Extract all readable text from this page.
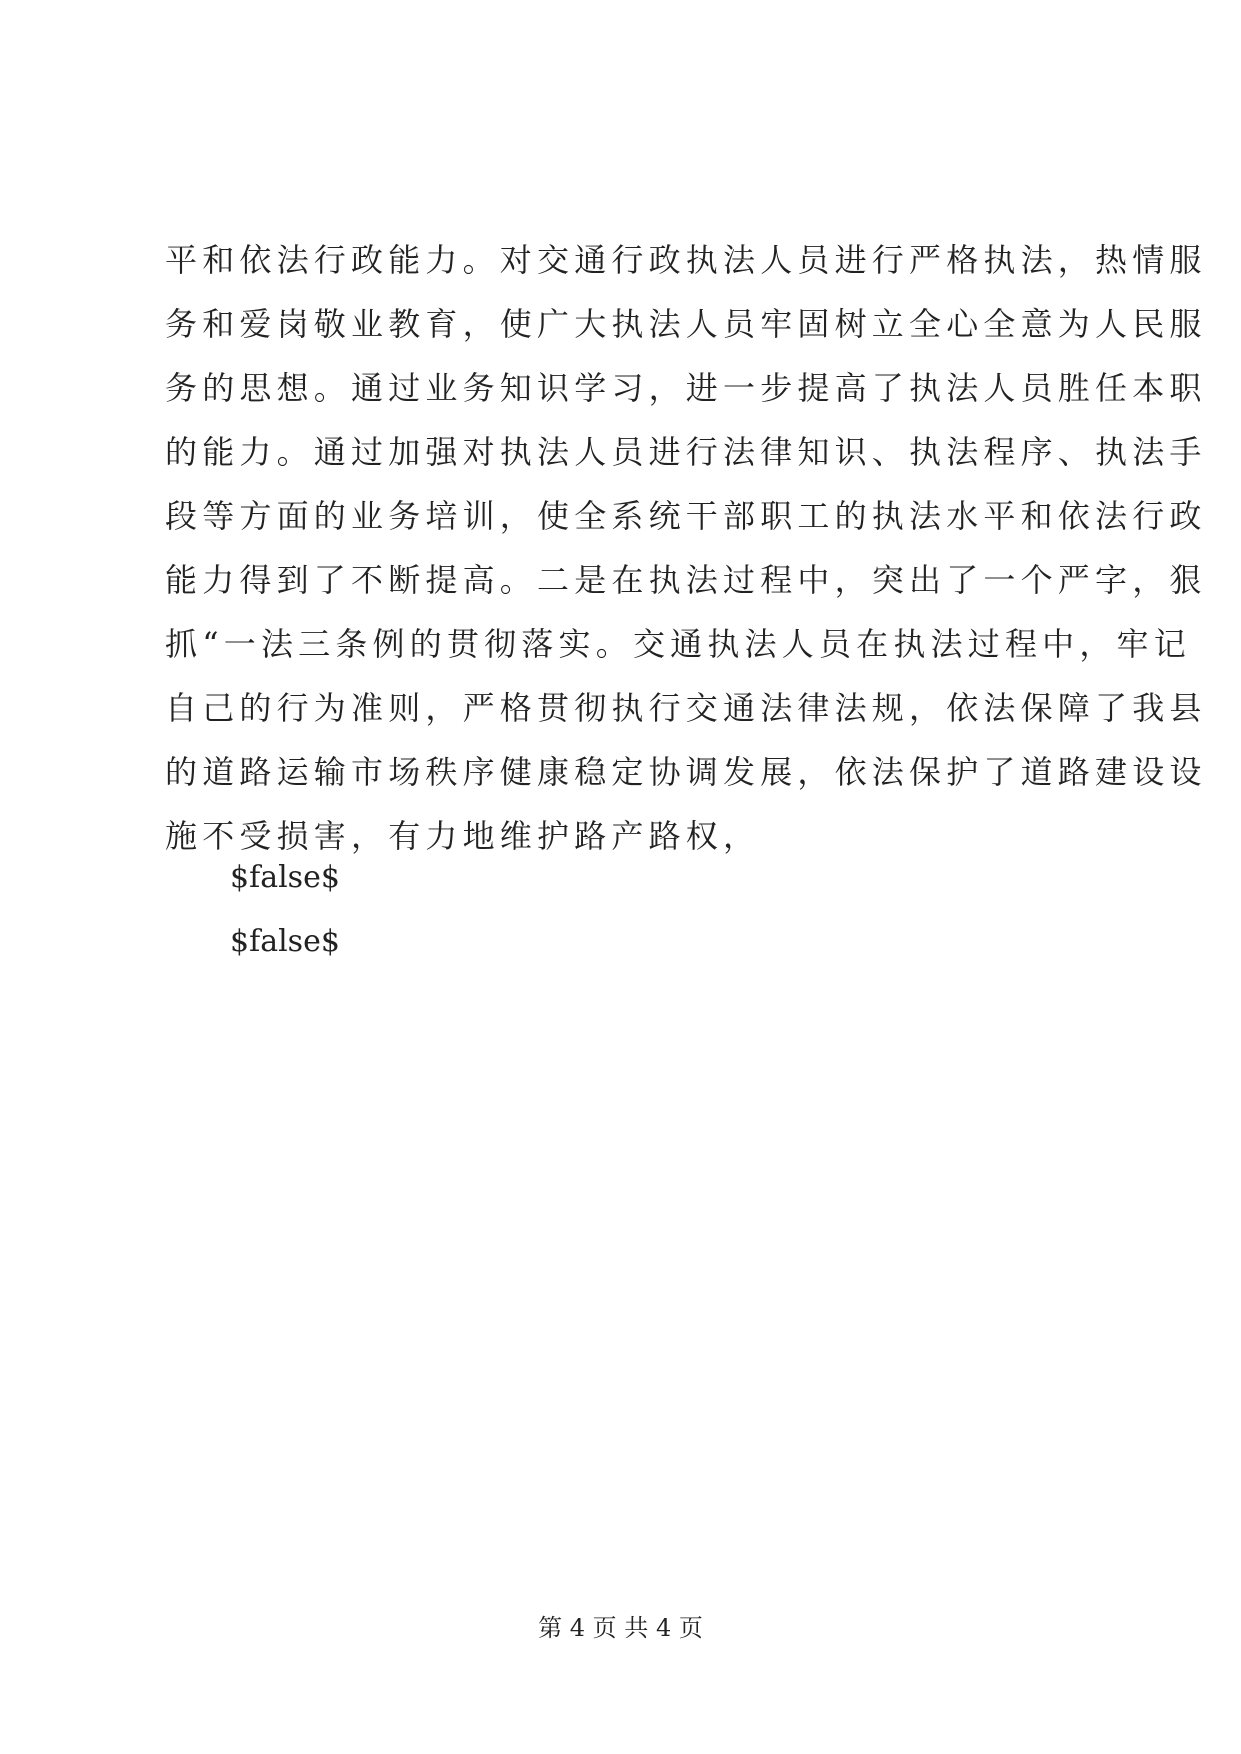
平和依法行政能力。对交通行政执法人员进行严格执法，热情服
务和爱岗敬业教育，使广大执法人员牢固树立全心全意为人民服
务的思想。通过业务知识学习，进一步提高了执法人员胜任本职
的能力。通过加强对执法人员进行法律知识、执法程序、执法手
段等方面的业务培训，使全系统干部职工的执法水平和依法行政
能力得到了不断提高。二是在执法过程中，突出了一个严字，狠
抓“一法三条例的贯彻落实。交通执法人员在执法过程中，牢记
自己的行为准则，严格贯彻执行交通法律法规，依法保障了我县
的道路运输市场秩序健康稳定协调发展，依法保护了道路建设设
施不受损害，有力地维护路产路权，
$false$
$false$
第 4 页 共 4 页
